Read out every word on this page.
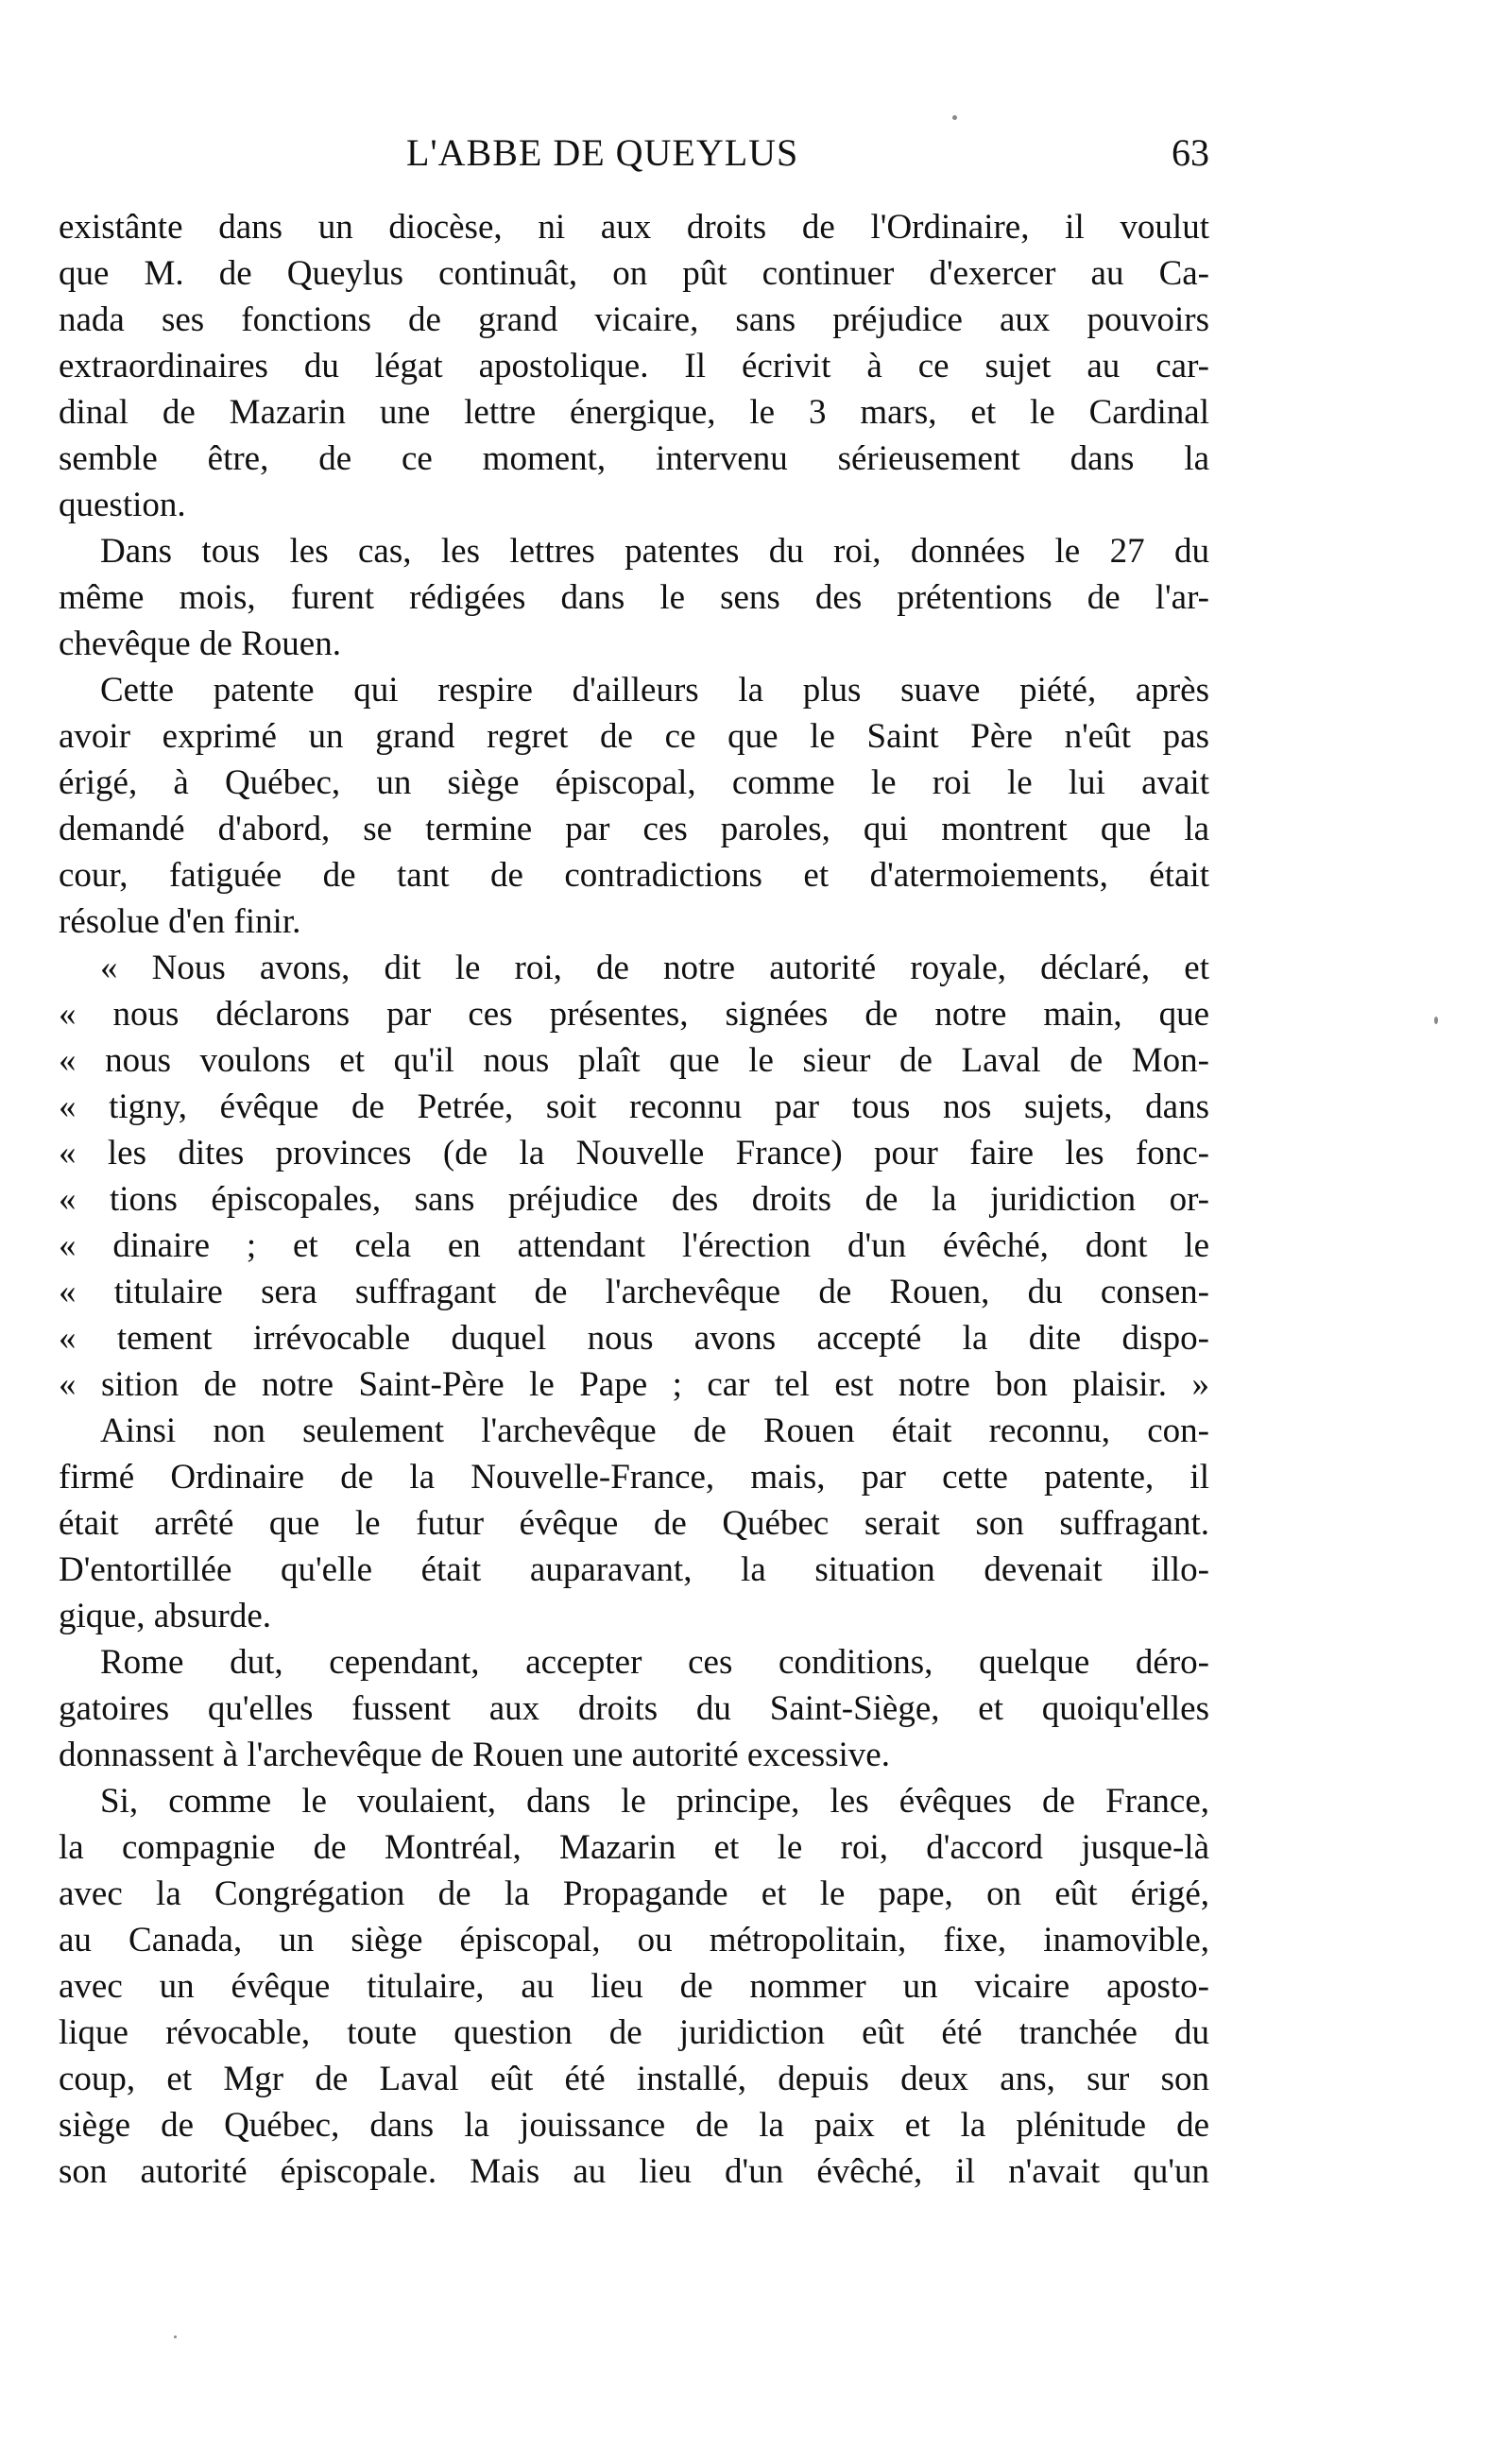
L'ABBE DE QUEYLUS	63
existânte dans un diocèse, ni aux droits de l'Ordinaire, il voulut
que M. de Queylus continuât, on pût continuer d'exercer au Ca-
nada ses fonctions de grand vicaire, sans préjudice aux pouvoirs
extraordinaires du légat apostolique. Il écrivit à ce sujet au car-
dinal de Mazarin une lettre énergique, le 3 mars, et le Cardinal
semble être, de ce moment, intervenu sérieusement dans la
question.
Dans tous les cas, les lettres patentes du roi, données le 27 du
même mois, furent rédigées dans le sens des prétentions de l'ar-
chevêque de Rouen.
Cette patente qui respire d'ailleurs la plus suave piété, après
avoir exprimé un grand regret de ce que le Saint Père n'eût pas
érigé, à Québec, un siège épiscopal, comme le roi le lui avait
demandé d'abord, se termine par ces paroles, qui montrent que la
cour, fatiguée de tant de contradictions et d'atermoiements, était
résolue d'en finir.
« Nous avons, dit le roi, de notre autorité royale, déclaré, et
« nous déclarons par ces présentes, signées de notre main, que
« nous voulons et qu'il nous plaît que le sieur de Laval de Mon-
« tigny, évêque de Petrée, soit reconnu par tous nos sujets, dans
« les dites provinces (de la Nouvelle France) pour faire les fonc-
« tions épiscopales, sans préjudice des droits de la juridiction or-
« dinaire ; et cela en attendant l'érection d'un évêché, dont le
« titulaire sera suffragant de l'archevêque de Rouen, du consen-
« tement irrévocable duquel nous avons accepté la dite dispo-
« sition de notre Saint-Père le Pape ; car tel est notre bon plaisir. »
Ainsi non seulement l'archevêque de Rouen était reconnu, con-
firmé Ordinaire de la Nouvelle-France, mais, par cette patente, il
était arrêté que le futur évêque de Québec serait son suffragant.
D'entortillée qu'elle était auparavant, la situation devenait illo-
gique, absurde.
Rome dut, cependant, accepter ces conditions, quelque déro-
gatoires qu'elles fussent aux droits du Saint-Siège, et quoiqu'elles
donnassent à l'archevêque de Rouen une autorité excessive.
Si, comme le voulaient, dans le principe, les évêques de France,
la compagnie de Montréal, Mazarin et le roi, d'accord jusque-là
avec la Congrégation de la Propagande et le pape, on eût érigé,
au Canada, un siège épiscopal, ou métropolitain, fixe, inamovible,
avec un évêque titulaire, au lieu de nommer un vicaire aposto-
lique révocable, toute question de juridiction eût été tranchée du
coup, et Mgr de Laval eût été installé, depuis deux ans, sur son
siège de Québec, dans la jouissance de la paix et la plénitude de
son autorité épiscopale. Mais au lieu d'un évêché, il n'avait qu'un
